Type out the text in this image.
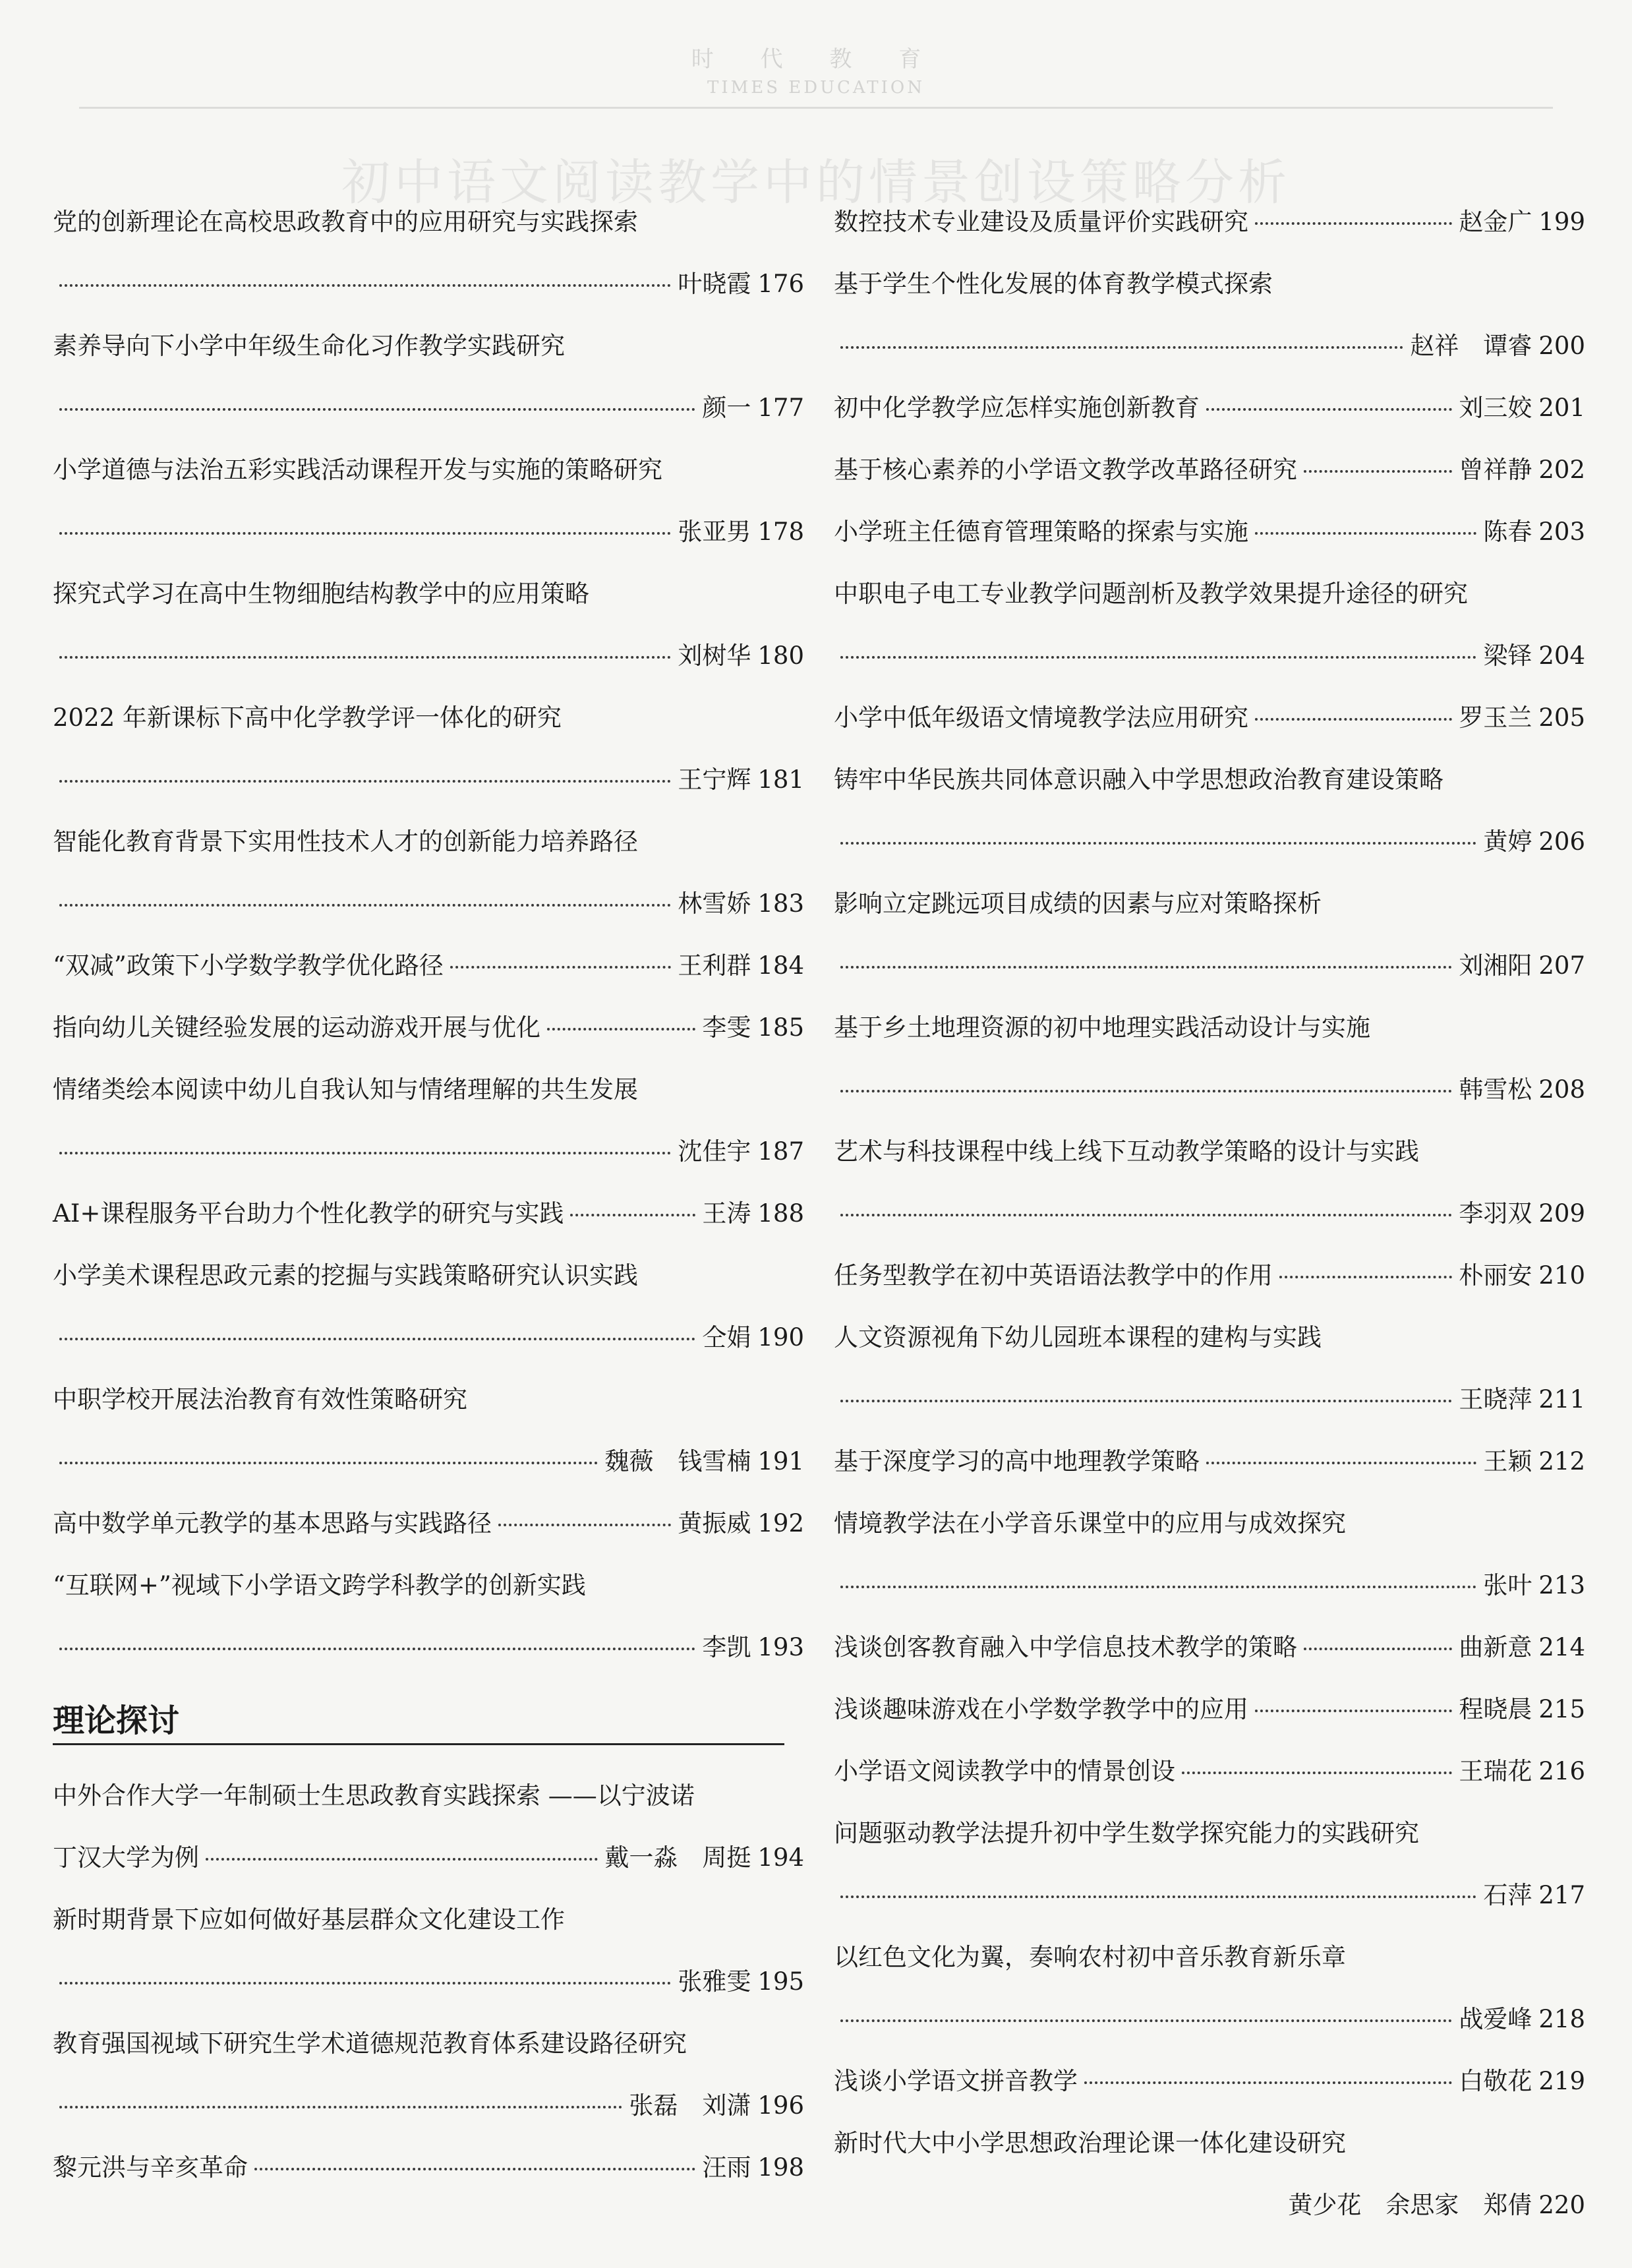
时 代 教 育
TIMES EDUCATION
初中语文阅读教学中的情景创设策略分析
党的创新理论在高校思政教育中的应用研究与实践探索
叶晓霞 176
素养导向下小学中年级生命化习作教学实践研究
颜一 177
小学道德与法治五彩实践活动课程开发与实施的策略研究
张亚男 178
探究式学习在高中生物细胞结构教学中的应用策略
刘树华 180
2022 年新课标下高中化学教学评一体化的研究
王宁辉 181
智能化教育背景下实用性技术人才的创新能力培养路径
林雪娇 183
“双减”政策下小学数学教学优化路径	王利群 184
指向幼儿关键经验发展的运动游戏开展与优化	李雯 185
情绪类绘本阅读中幼儿自我认知与情绪理解的共生发展
沈佳宇 187
AI+课程服务平台助力个性化教学的研究与实践	王涛 188
小学美术课程思政元素的挖掘与实践策略研究认识实践
仝娟 190
中职学校开展法治教育有效性策略研究
魏薇　钱雪楠 191
高中数学单元教学的基本思路与实践路径	黄振威 192
“互联网+”视域下小学语文跨学科教学的创新实践
李凯 193
理论探讨
中外合作大学一年制硕士生思政教育实践探索 ——以宁波诺
丁汉大学为例	戴一淼　周挺 194
新时期背景下应如何做好基层群众文化建设工作
张雅雯 195
教育强国视域下研究生学术道德规范教育体系建设路径研究
张磊　刘潇 196
黎元洪与辛亥革命	汪雨 198
数控技术专业建设及质量评价实践研究	赵金广 199
基于学生个性化发展的体育教学模式探索
赵祥　谭睿 200
初中化学教学应怎样实施创新教育	刘三姣 201
基于核心素养的小学语文教学改革路径研究	曾祥静 202
小学班主任德育管理策略的探索与实施	陈春 203
中职电子电工专业教学问题剖析及教学效果提升途径的研究
梁铎 204
小学中低年级语文情境教学法应用研究	罗玉兰 205
铸牢中华民族共同体意识融入中学思想政治教育建设策略
黄婷 206
影响立定跳远项目成绩的因素与应对策略探析
刘湘阳 207
基于乡土地理资源的初中地理实践活动设计与实施
韩雪松 208
艺术与科技课程中线上线下互动教学策略的设计与实践
李羽双 209
任务型教学在初中英语语法教学中的作用	朴丽安 210
人文资源视角下幼儿园班本课程的建构与实践
王晓萍 211
基于深度学习的高中地理教学策略	王颖 212
情境教学法在小学音乐课堂中的应用与成效探究
张叶 213
浅谈创客教育融入中学信息技术教学的策略	曲新意 214
浅谈趣味游戏在小学数学教学中的应用	程晓晨 215
小学语文阅读教学中的情景创设	王瑞花 216
问题驱动教学法提升初中学生数学探究能力的实践研究
石萍 217
以红色文化为翼，奏响农村初中音乐教育新乐章
战爱峰 218
浅谈小学语文拼音教学	白敬花 219
新时代大中小学思想政治理论课一体化建设研究
黄少花　余思家　郑倩 220
